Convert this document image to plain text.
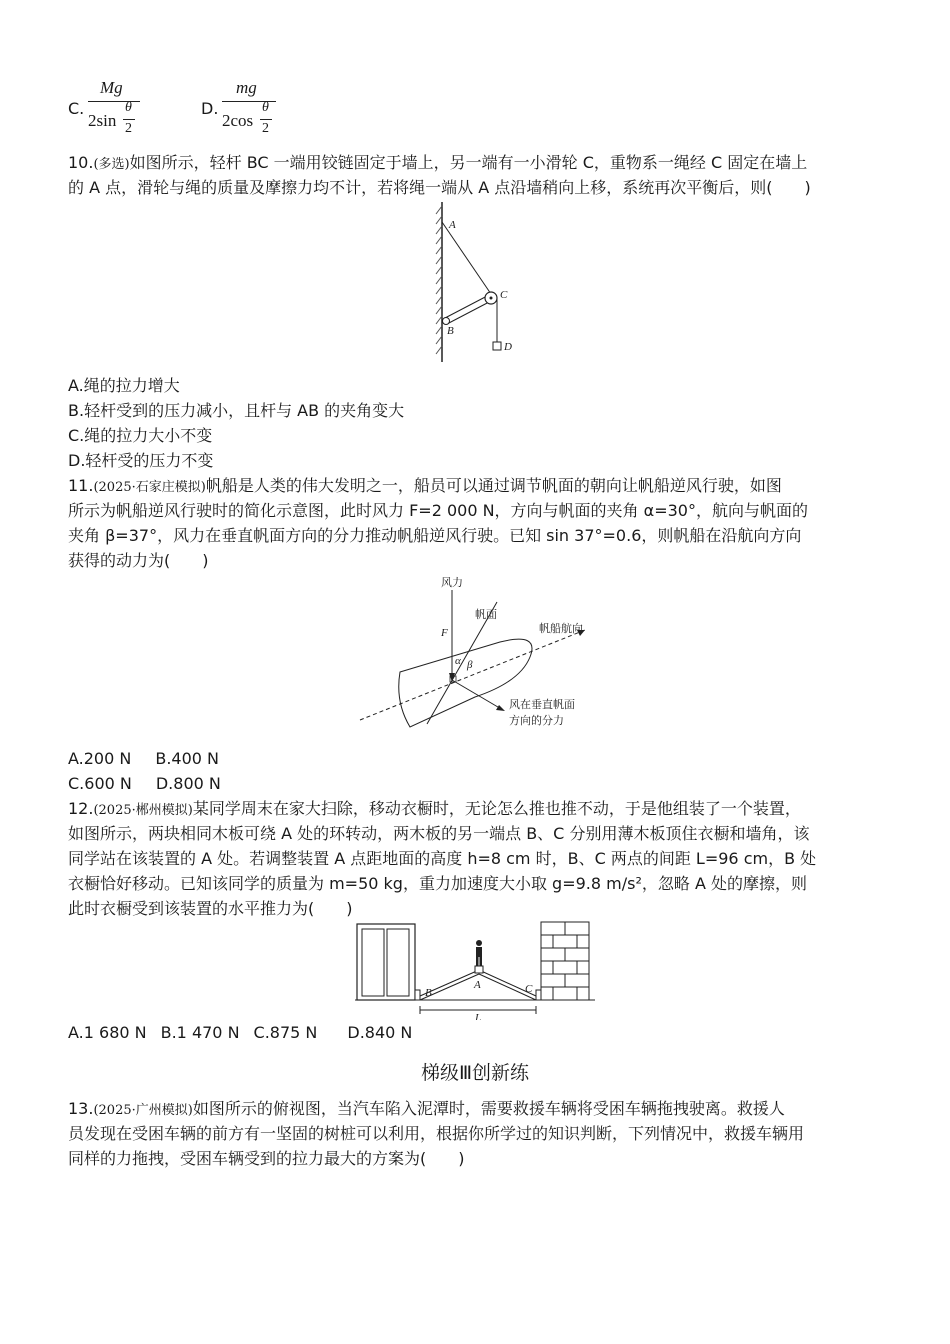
C.
Mg
2sin
θ
2
D.
mg
2cos
θ
2
10.(多选)如图所示，轻杆 BC 一端用铰链固定于墙上，另一端有一小滑轮 C，重物系一绳经 C 固定在墙上
的 A 点，滑轮与绳的质量及摩擦力均不计，若将绳一端从 A 点沿墙稍向上移，系统再次平衡后，则(　　)
A
B
C
D
A.绳的拉力增大
B.轻杆受到的压力减小，且杆与 AB 的夹角变大
C.绳的拉力大小不变
D.轻杆受的压力不变
11.(2025·石家庄模拟)帆船是人类的伟大发明之一，船员可以通过调节帆面的朝向让帆船逆风行驶，如图
所示为帆船逆风行驶时的简化示意图，此时风力 F=2 000 N，方向与帆面的夹角 α=30°，航向与帆面的
夹角 β=37°，风力在垂直帆面方向的分力推动帆船逆风行驶。已知 sin 37°=0.6，则帆船在沿航向方向
获得的动力为(　　)
风力
帆面
帆船航向
F
α β
风在垂直帆面
方向的分力
A.200 N B.400 N
C.600 N D.800 N
12.(2025·郴州模拟)某同学周末在家大扫除，移动衣橱时，无论怎么推也推不动，于是他组装了一个装置，
如图所示，两块相同木板可绕 A 处的环转动，两木板的另一端点 B、C 分别用薄木板顶住衣橱和墙角，该
同学站在该装置的 A 处。若调整装置 A 点距地面的高度 h=8 cm 时，B、C 两点的间距 L=96 cm，B 处
衣橱恰好移动。已知该同学的质量为 m=50 kg，重力加速度大小取 g=9.8 m/s²，忽略 A 处的摩擦，则
此时衣橱受到该装置的水平推力为(　　)
B
A	C
L
A.1 680 N B.1 470 N C.875 N D.840 N
梯级Ⅲ创新练
13.(2025·广州模拟)如图所示的俯视图，当汽车陷入泥潭时，需要救援车辆将受困车辆拖拽驶离。救援人
员发现在受困车辆的前方有一坚固的树桩可以利用，根据你所学过的知识判断，下列情况中，救援车辆用
同样的力拖拽，受困车辆受到的拉力最大的方案为(　　)
